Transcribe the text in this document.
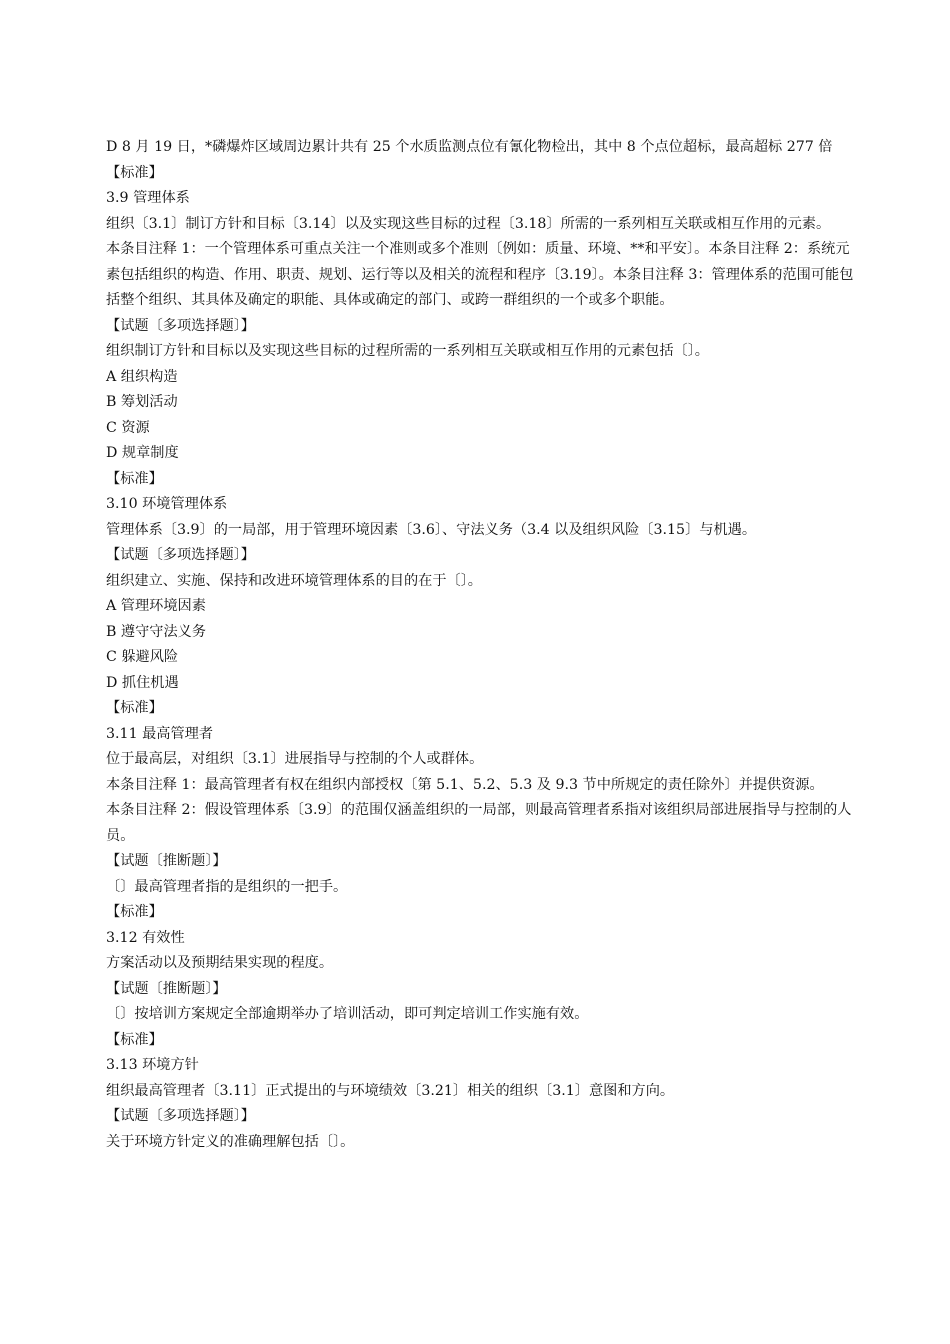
D 8 月 19 日，*磷爆炸区域周边累计共有 25 个水质监测点位有氰化物检出，其中 8 个点位超标，最高超标 277 倍

【标准】

3.9 管理体系

组织〔3.1〕制订方针和目标〔3.14〕以及实现这些目标的过程〔3.18〕所需的一系列相互关联或相互作用的元素。

本条目注释 1：一个管理体系可重点关注一个准则或多个准则〔例如：质量、环境、**和平安〕。本条目注释 2：系统元素包括组织的构造、作用、职责、规划、运行等以及相关的流程和程序〔3.19〕。本条目注释 3：管理体系的范围可能包括整个组织、其具体及确定的职能、具体或确定的部门、或跨一群组织的一个或多个职能。

【试题〔多项选择题〕】

组织制订方针和目标以及实现这些目标的过程所需的一系列相互关联或相互作用的元素包括〔〕。

A 组织构造

B 筹划活动

C 资源

D 规章制度

【标准】

3.10 环境管理体系

管理体系〔3.9〕的一局部，用于管理环境因素〔3.6〕、守法义务（3.4 以及组织风险〔3.15〕与机遇。

【试题〔多项选择题〕】

组织建立、实施、保持和改进环境管理体系的目的在于〔〕。

A 管理环境因素

B 遵守守法义务

C 躲避风险

D 抓住机遇

【标准】

3.11 最高管理者

位于最高层，对组织〔3.1〕进展指导与控制的个人或群体。

本条目注释 1：最高管理者有权在组织内部授权〔第 5.1、5.2、5.3 及 9.3 节中所规定的责任除外〕并提供资源。

本条目注释 2：假设管理体系〔3.9〕的范围仅涵盖组织的一局部，则最高管理者系指对该组织局部进展指导与控制的人员。

【试题〔推断题〕】

〔〕最高管理者指的是组织的一把手。

【标准】

3.12 有效性

方案活动以及预期结果实现的程度。

【试题〔推断题〕】

〔〕按培训方案规定全部逾期举办了培训活动，即可判定培训工作实施有效。

【标准】

3.13 环境方针

组织最高管理者〔3.11〕正式提出的与环境绩效〔3.21〕相关的组织〔3.1〕意图和方向。

【试题〔多项选择题〕】

关于环境方针定义的准确理解包括〔〕。
